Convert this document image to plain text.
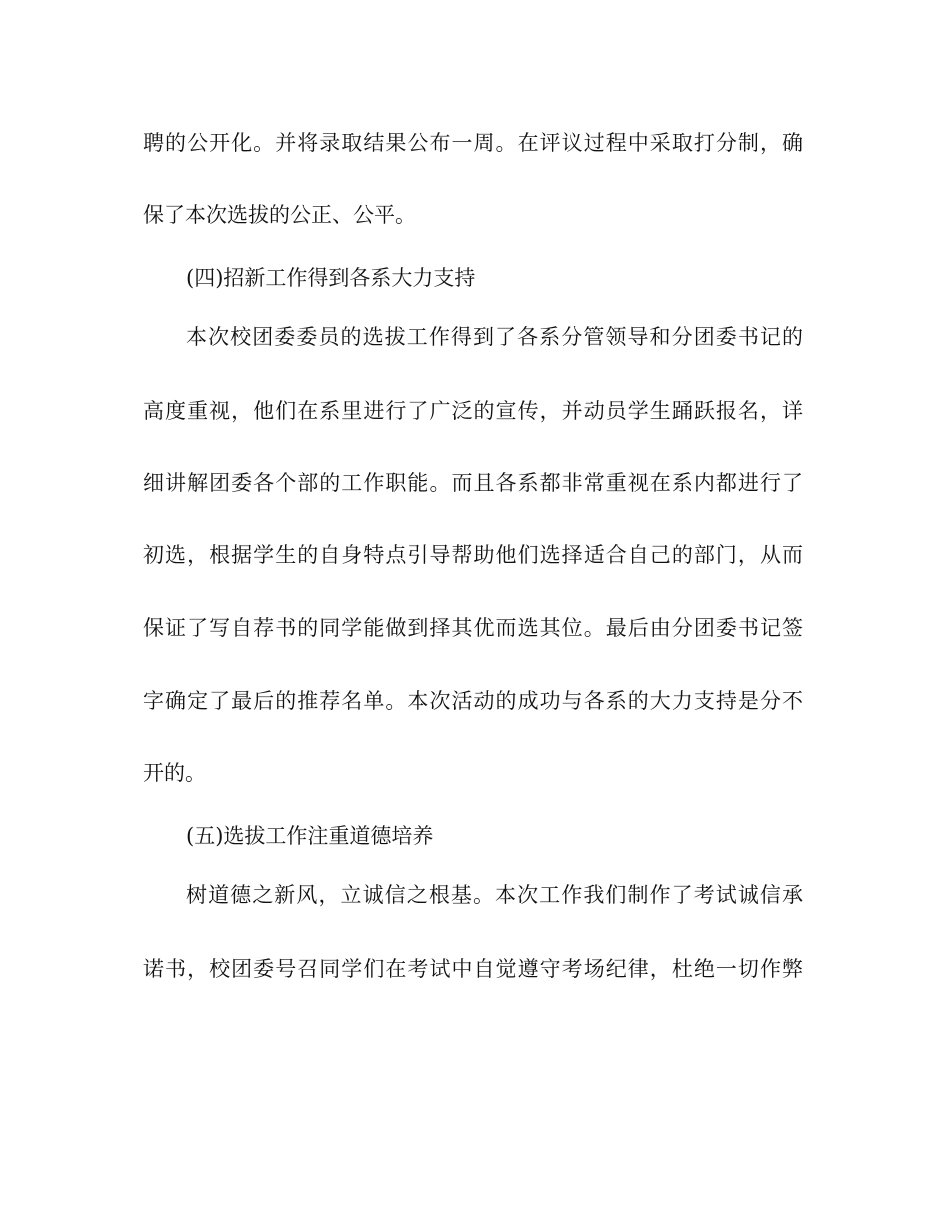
聘的公开化。并将录取结果公布一周。在评议过程中采取打分制，确

保了本次选拔的公正、公平。

(四)招新工作得到各系大力支持

本次校团委委员的选拔工作得到了各系分管领导和分团委书记的

高度重视，他们在系里进行了广泛的宣传，并动员学生踊跃报名，详

细讲解团委各个部的工作职能。而且各系都非常重视在系内都进行了

初选，根据学生的自身特点引导帮助他们选择适合自己的部门，从而

保证了写自荐书的同学能做到择其优而选其位。最后由分团委书记签

字确定了最后的推荐名单。本次活动的成功与各系的大力支持是分不

开的。

(五)选拔工作注重道德培养

树道德之新风，立诚信之根基。本次工作我们制作了考试诚信承

诺书，校团委号召同学们在考试中自觉遵守考场纪律，杜绝一切作弊
